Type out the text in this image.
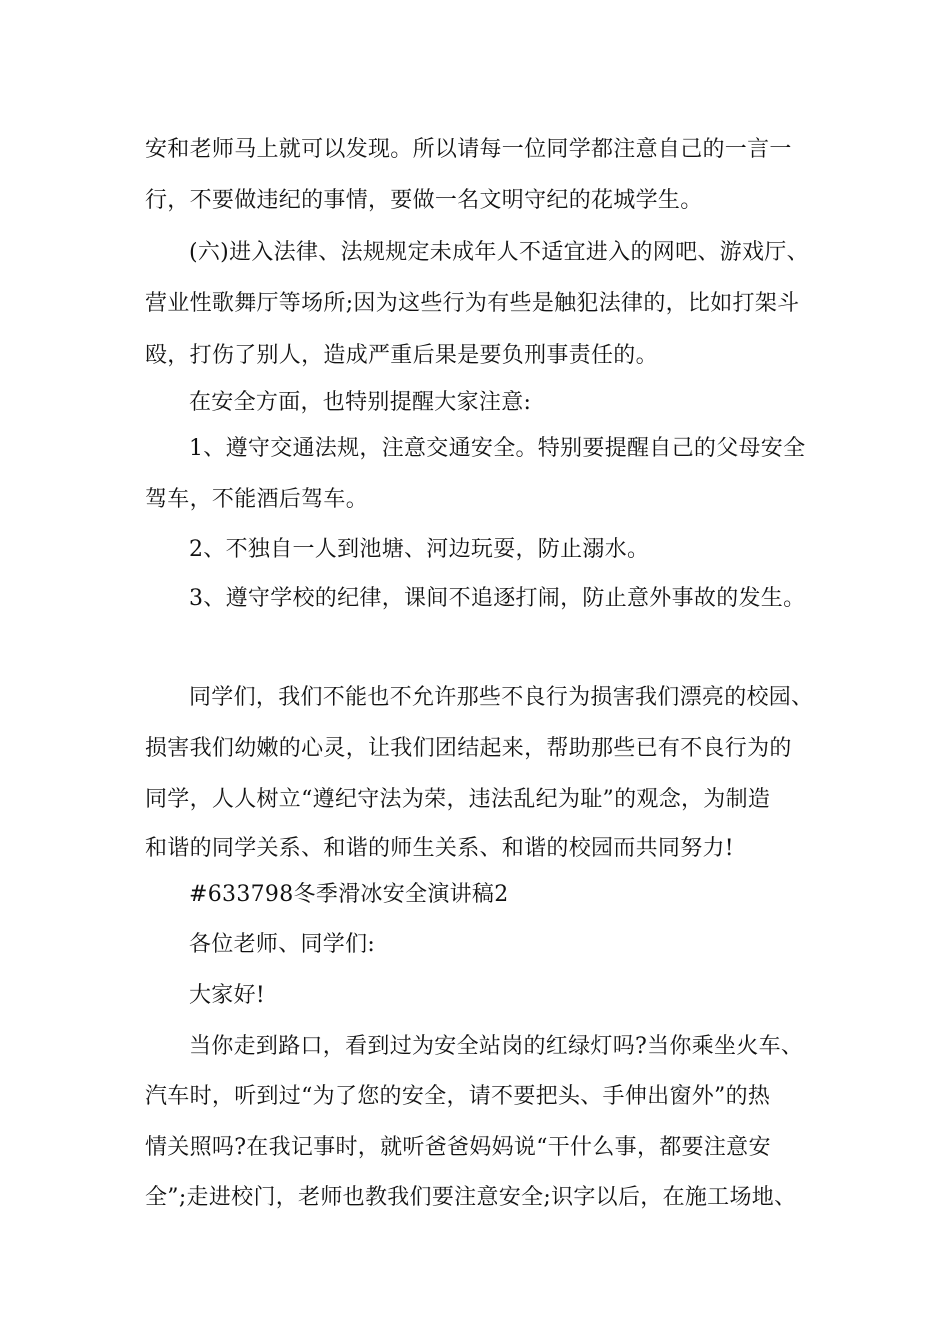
安和老师马上就可以发现。所以请每一位同学都注意自己的一言一
行，不要做违纪的事情，要做一名文明守纪的花城学生。
(六)进入法律、法规规定未成年人不适宜进入的网吧、游戏厅、
营业性歌舞厅等场所;因为这些行为有些是触犯法律的，比如打架斗
殴，打伤了别人，造成严重后果是要负刑事责任的。
在安全方面，也特别提醒大家注意:
1、遵守交通法规，注意交通安全。特别要提醒自己的父母安全
驾车，不能酒后驾车。
2、不独自一人到池塘、河边玩耍，防止溺水。
3、遵守学校的纪律，课间不追逐打闹，防止意外事故的发生。
同学们，我们不能也不允许那些不良行为损害我们漂亮的校园、
损害我们幼嫩的心灵，让我们团结起来，帮助那些已有不良行为的
同学，人人树立“遵纪守法为荣，违法乱纪为耻”的观念，为制造
和谐的同学关系、和谐的师生关系、和谐的校园而共同努力!
#633798冬季滑冰安全演讲稿2
各位老师、同学们:
大家好!
当你走到路口，看到过为安全站岗的红绿灯吗?当你乘坐火车、
汽车时，听到过“为了您的安全，请不要把头、手伸出窗外”的热
情关照吗?在我记事时，就听爸爸妈妈说“干什么事，都要注意安
全”;走进校门，老师也教我们要注意安全;识字以后，在施工场地、
